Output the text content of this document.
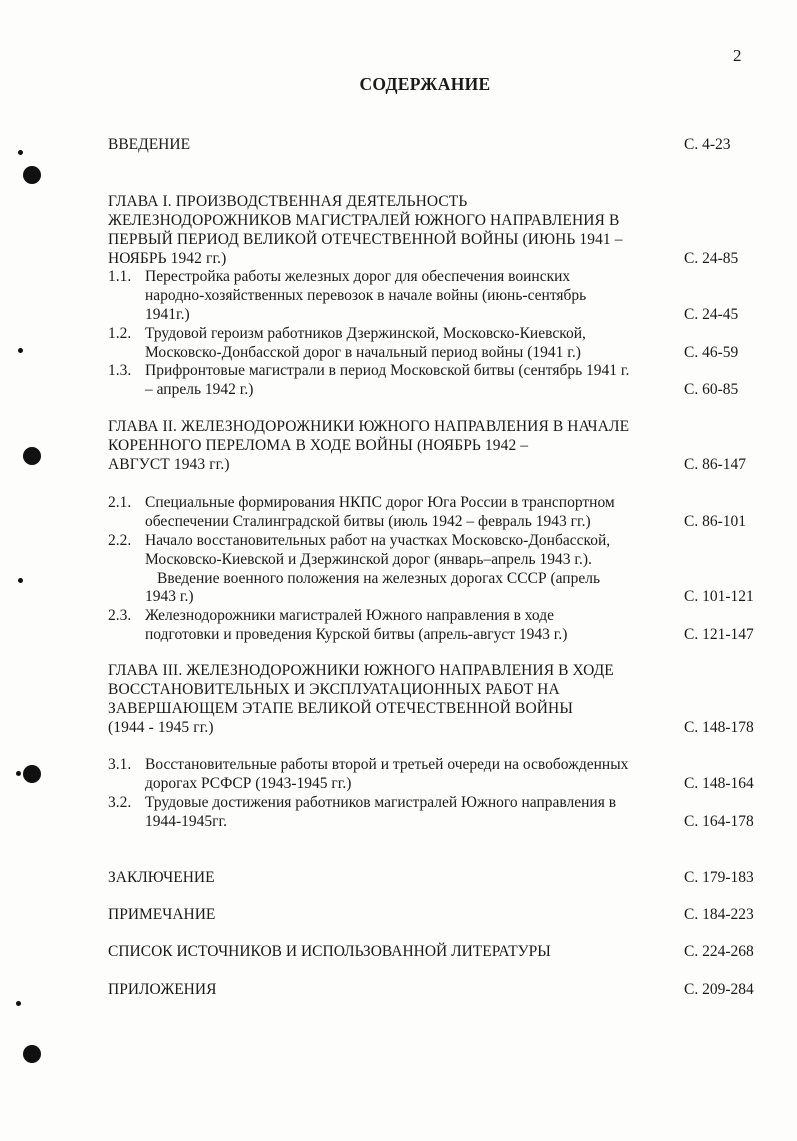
2
СОДЕРЖАНИЕ
ВВЕДЕНИЕ	С. 4-23
ГЛАВА I. ПРОИЗВОДСТВЕННАЯ ДЕЯТЕЛЬНОСТЬ
ЖЕЛЕЗНОДОРОЖНИКОВ МАГИСТРАЛЕЙ ЮЖНОГО НАПРАВЛЕНИЯ В
ПЕРВЫЙ ПЕРИОД ВЕЛИКОЙ ОТЕЧЕСТВЕННОЙ ВОЙНЫ (ИЮНЬ 1941 –
НОЯБРЬ 1942 гг.)	С. 24-85
1.1. Перестройка работы железных дорог для обеспечения воинских
народно-хозяйственных перевозок в начале войны (июнь-сентябрь
1941г.)	С. 24-45
1.2. Трудовой героизм работников Дзержинской, Московско-Киевской,
Московско-Донбасской дорог в начальный период войны (1941 г.)	С. 46-59
1.3. Прифронтовые магистрали в период Московской битвы (сентябрь 1941 г.
– апрель 1942 г.)	С. 60-85
ГЛАВА II. ЖЕЛЕЗНОДОРОЖНИКИ ЮЖНОГО НАПРАВЛЕНИЯ В НАЧАЛЕ
КОРЕННОГО ПЕРЕЛОМА В ХОДЕ ВОЙНЫ (НОЯБРЬ 1942 –
АВГУСТ 1943 гг.)	С. 86-147
2.1. Специальные формирования НКПС дорог Юга России в транспортном
обеспечении Сталинградской битвы (июль 1942 – февраль 1943 гг.)	С. 86-101
2.2. Начало восстановительных работ на участках Московско-Донбасской,
Московско-Киевской и Дзержинской дорог (январь–апрель 1943 г.).
Введение военного положения на железных дорогах СССР (апрель
1943 г.)	С. 101-121
2.3. Железнодорожники магистралей Южного направления в ходе
подготовки и проведения Курской битвы (апрель-август 1943 г.)	С. 121-147
ГЛАВА III. ЖЕЛЕЗНОДОРОЖНИКИ ЮЖНОГО НАПРАВЛЕНИЯ В ХОДЕ
ВОССТАНОВИТЕЛЬНЫХ И ЭКСПЛУАТАЦИОННЫХ РАБОТ НА
ЗАВЕРШАЮЩЕМ ЭТАПЕ ВЕЛИКОЙ ОТЕЧЕСТВЕННОЙ ВОЙНЫ
(1944 - 1945 гг.)	С. 148-178
3.1. Восстановительные работы второй и третьей очереди на освобожденных
дорогах РСФСР (1943-1945 гг.)	С. 148-164
3.2. Трудовые достижения работников магистралей Южного направления в
1944-1945гг.	С. 164-178
ЗАКЛЮЧЕНИЕ	С. 179-183
ПРИМЕЧАНИЕ	С. 184-223
СПИСОК ИСТОЧНИКОВ И ИСПОЛЬЗОВАННОЙ ЛИТЕРАТУРЫ	С. 224-268
ПРИЛОЖЕНИЯ	С. 209-284
